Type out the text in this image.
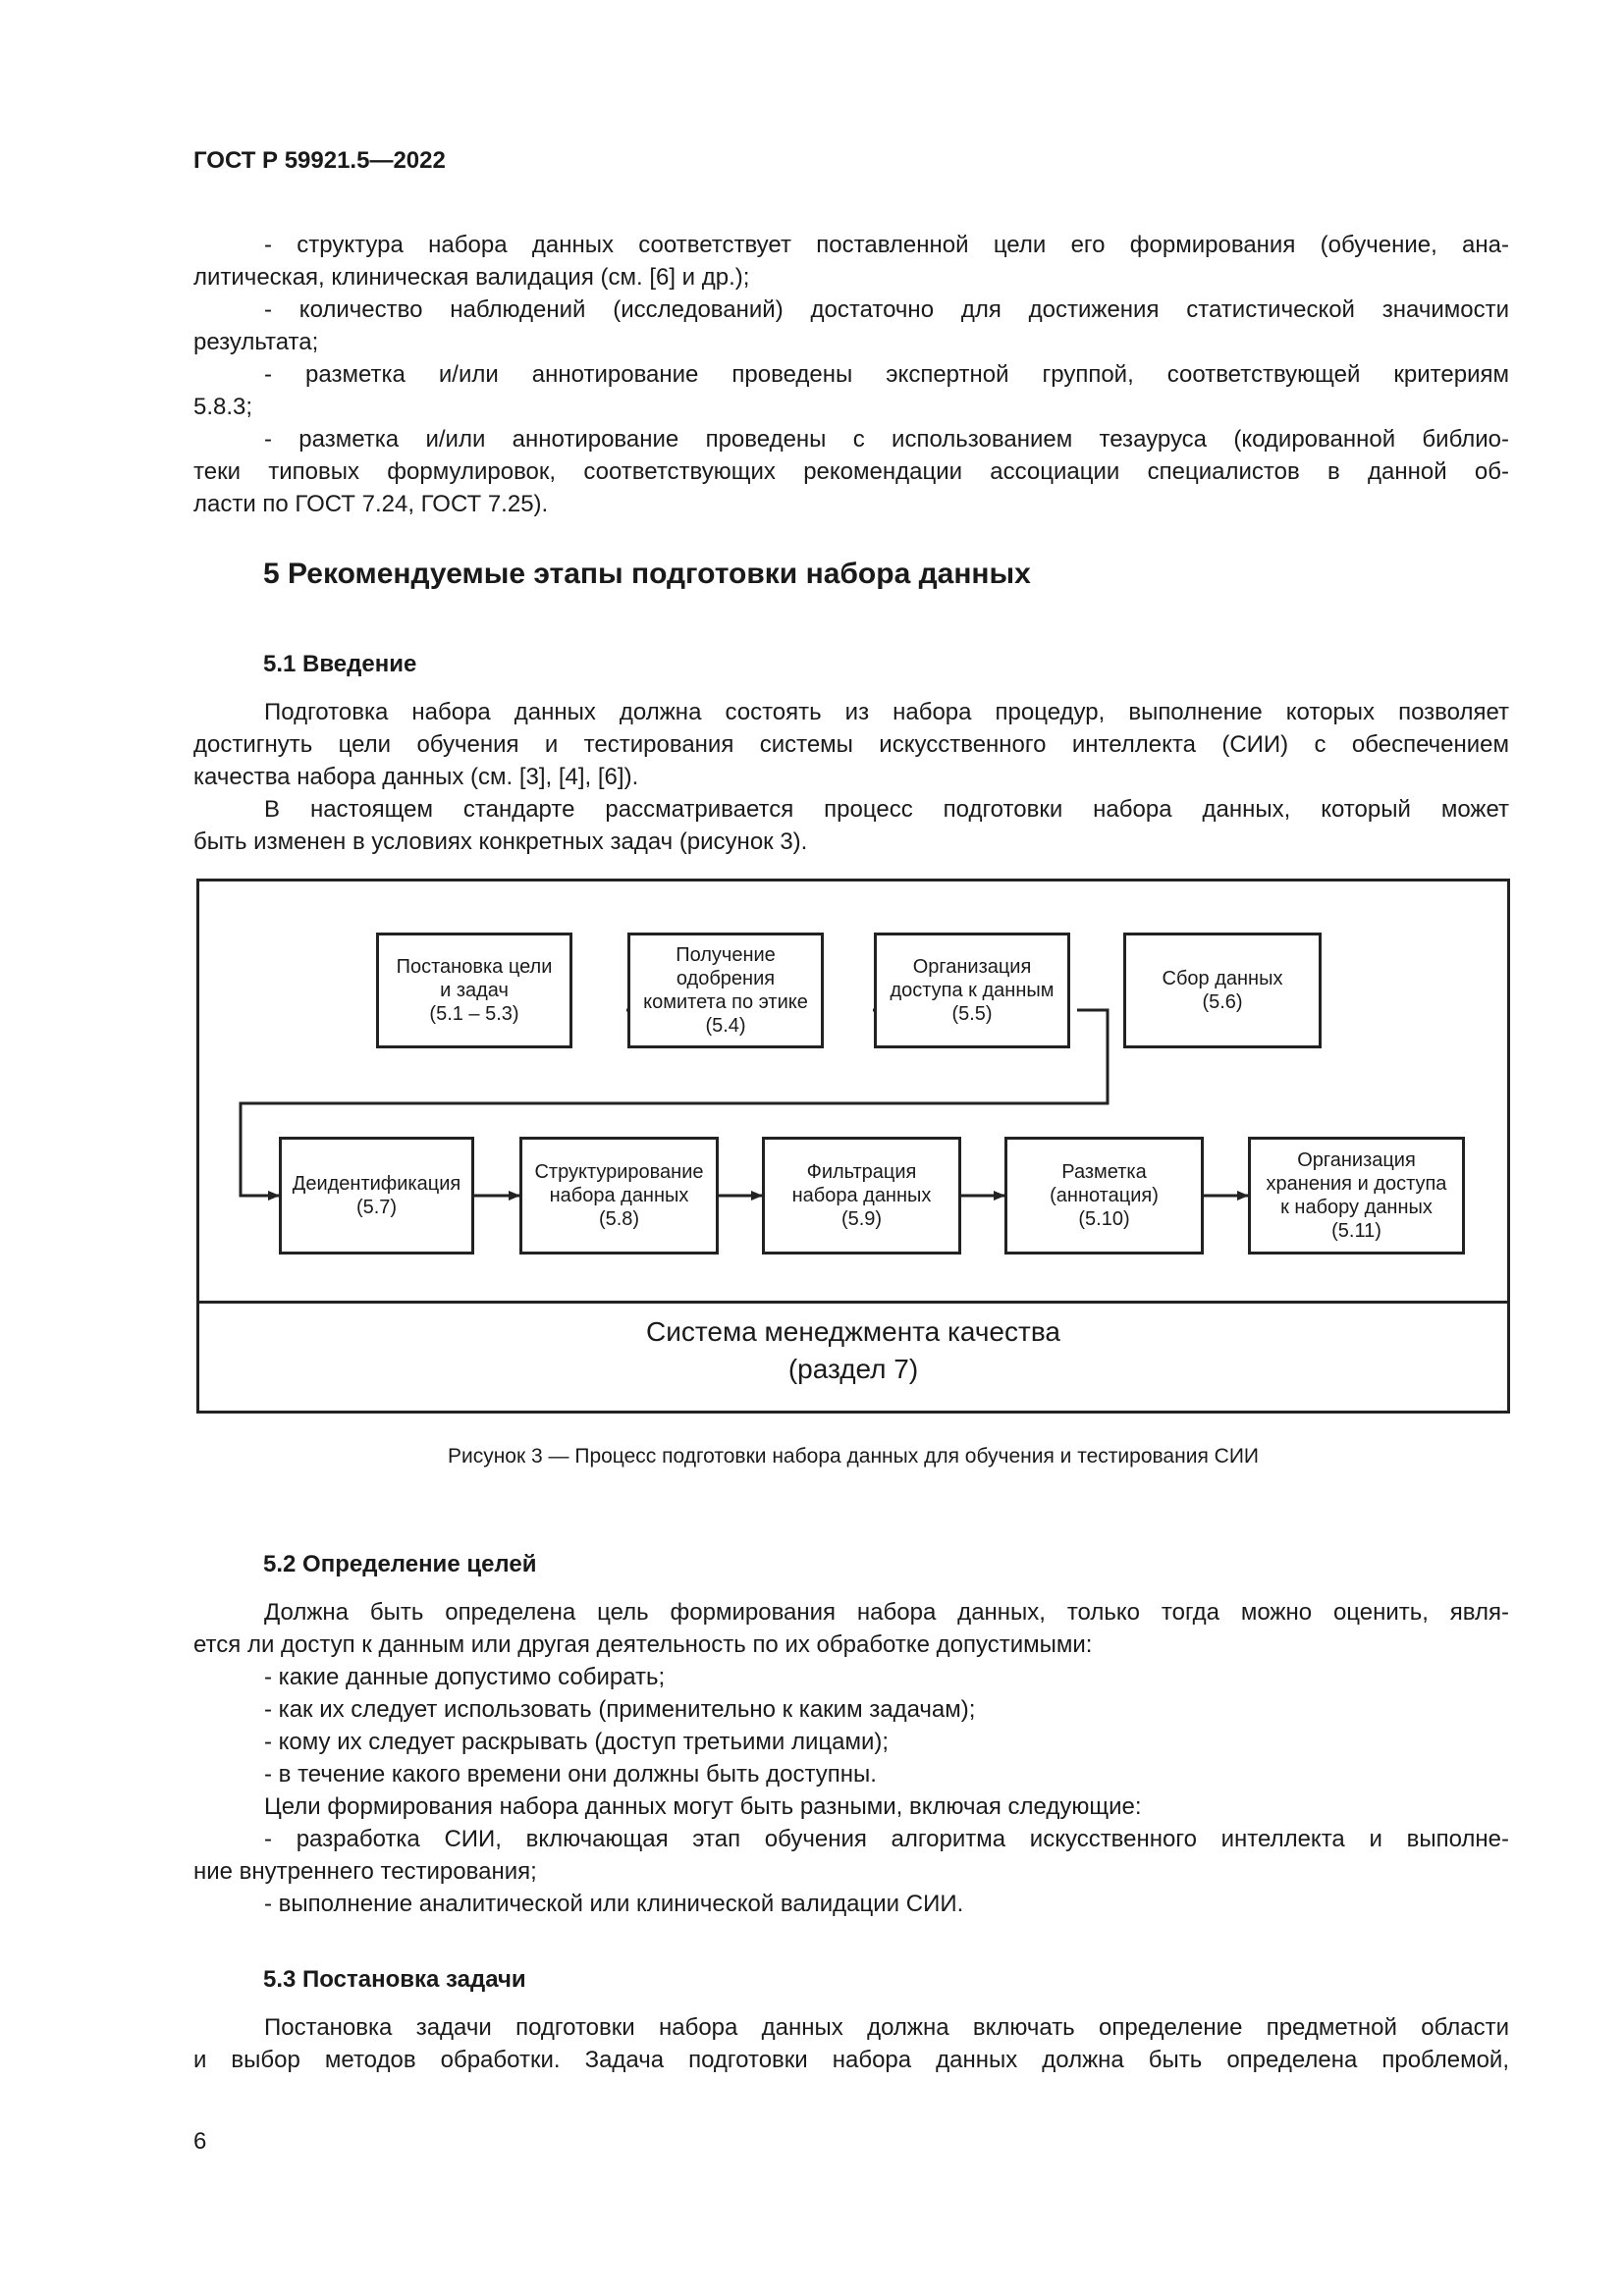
ГОСТ Р 59921.5—2022

- структура набора данных соответствует поставленной цели его формирования (обучение, ана-

литическая, клиническая валидация (см. [6] и др.);

- количество наблюдений (исследований) достаточно для достижения статистической значимости

результата;

- разметка и/или аннотирование проведены экспертной группой, соответствующей критериям

5.8.3;

- разметка и/или аннотирование проведены с использованием тезауруса (кодированной библио-

теки типовых формулировок, соответствующих рекомендации ассоциации специалистов в данной об-

ласти по ГОСТ 7.24, ГОСТ 7.25).

5 Рекомендуемые этапы подготовки набора данных
5.1 Введение

Подготовка набора данных должна состоять из набора процедур, выполнение которых позволяет

достигнуть цели обучения и тестирования системы искусственного интеллекта (СИИ) с обеспечением

качества набора данных (см. [3], [4], [6]).

В настоящем стандарте рассматривается процесс подготовки набора данных, который может

быть изменен в условиях конкретных задач (рисунок 3).

Постановка цели
и задач
(5.1 – 5.3)
Получение
одобрения
комитета по этике
(5.4)
Организация
доступа к данным
(5.5)
Сбор данных
(5.6)
Деидентификация
(5.7)
Структурирование
набора данных
(5.8)
Фильтрация
набора данных
(5.9)
Разметка
(аннотация)
(5.10)
Организация
хранения и доступа
к набору данных
(5.11)
Система менеджмента качества
(раздел 7)

Рисунок 3 — Процесс подготовки набора данных для обучения и тестирования СИИ

5.2 Определение целей

Должна быть определена цель формирования набора данных, только тогда можно оценить, явля-

ется ли доступ к данным или другая деятельность по их обработке допустимыми:

- какие данные допустимо собирать;

- как их следует использовать (применительно к каким задачам);

- кому их следует раскрывать (доступ третьими лицами);

- в течение какого времени они должны быть доступны.

Цели формирования набора данных могут быть разными, включая следующие:

- разработка СИИ, включающая этап обучения алгоритма искусственного интеллекта и выполне-

ние внутреннего тестирования;

- выполнение аналитической или клинической валидации СИИ.

5.3 Постановка задачи

Постановка задачи подготовки набора данных должна включать определение предметной области

и выбор методов обработки. Задача подготовки набора данных должна быть определена проблемой,

6
